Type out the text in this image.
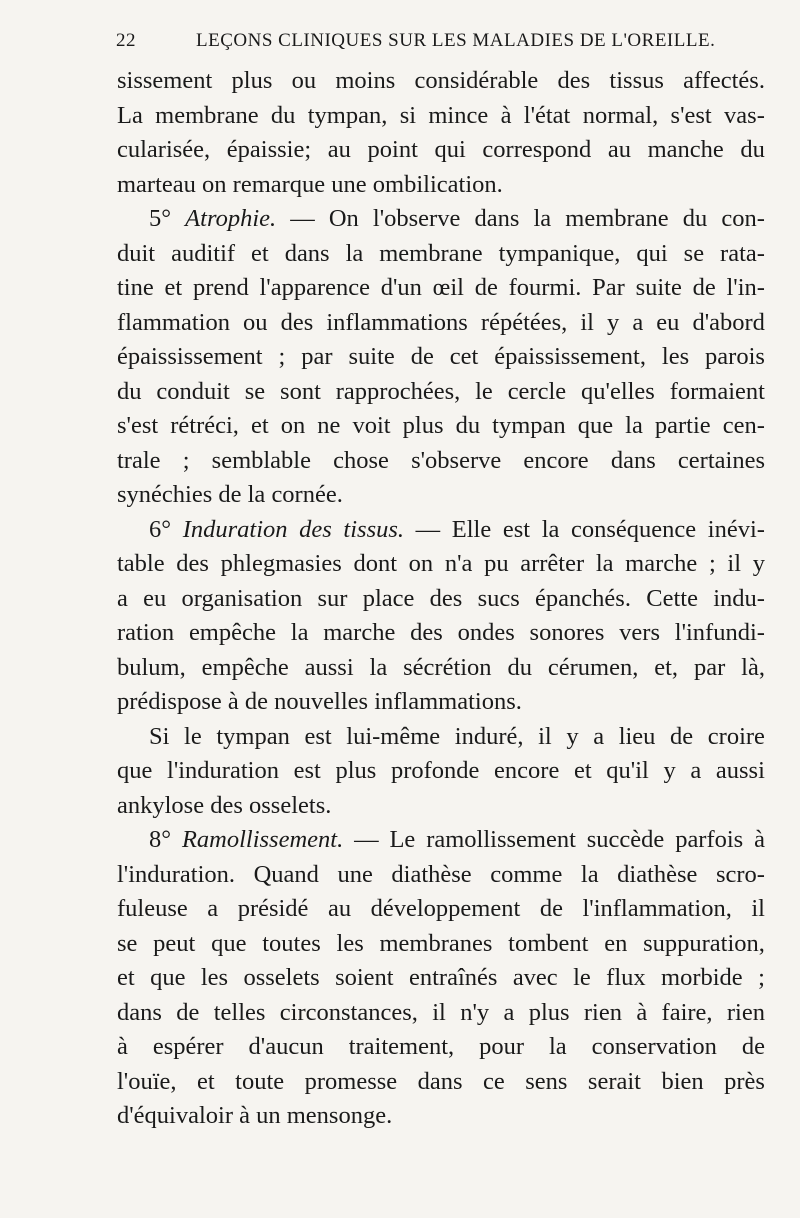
22	LEÇONS CLINIQUES SUR LES MALADIES DE L'OREILLE.
sissement plus ou moins considérable des tissus affectés.
La membrane du tympan, si mince à l'état normal, s'est vas-
cularisée, épaissie; au point qui correspond au manche du
marteau on remarque une ombilication.
5° Atrophie. — On l'observe dans la membrane du con-
duit auditif et dans la membrane tympanique, qui se rata-
tine et prend l'apparence d'un œil de fourmi. Par suite de l'in-
flammation ou des inflammations répétées, il y a eu d'abord
épaississement ; par suite de cet épaississement, les parois
du conduit se sont rapprochées, le cercle qu'elles formaient
s'est rétréci, et on ne voit plus du tympan que la partie cen-
trale ; semblable chose s'observe encore dans certaines
synéchies de la cornée.
6° Induration des tissus. — Elle est la conséquence inévi-
table des phlegmasies dont on n'a pu arrêter la marche ; il y
a eu organisation sur place des sucs épanchés. Cette indu-
ration empêche la marche des ondes sonores vers l'infundi-
bulum, empêche aussi la sécrétion du cérumen, et, par là,
prédispose à de nouvelles inflammations.
Si le tympan est lui-même induré, il y a lieu de croire
que l'induration est plus profonde encore et qu'il y a aussi
ankylose des osselets.
8° Ramollissement. — Le ramollissement succède parfois à
l'induration. Quand une diathèse comme la diathèse scro-
fuleuse a présidé au développement de l'inflammation, il
se peut que toutes les membranes tombent en suppuration,
et que les osselets soient entraînés avec le flux morbide ;
dans de telles circonstances, il n'y a plus rien à faire, rien
à espérer d'aucun traitement, pour la conservation de
l'ouïe, et toute promesse dans ce sens serait bien près
d'équivaloir à un mensonge.
